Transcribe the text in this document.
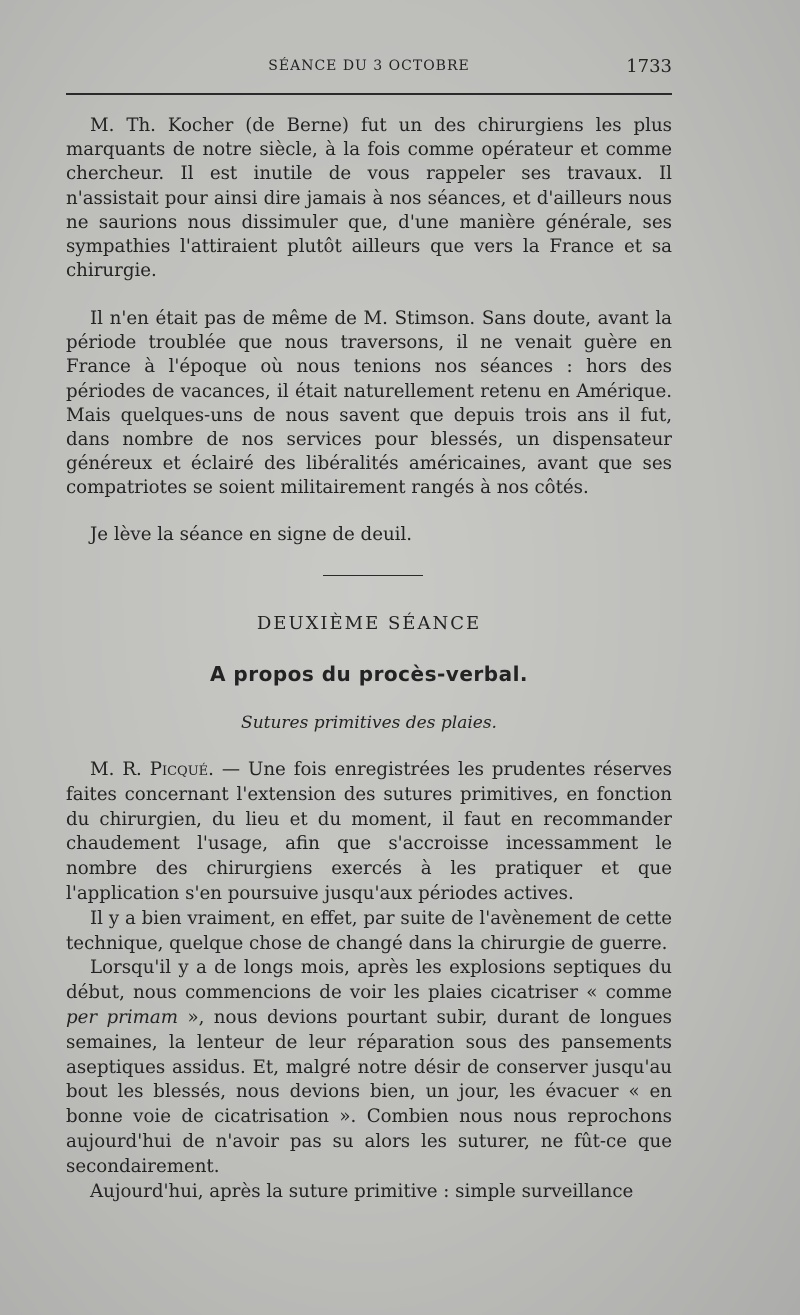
SÉANCE DU 3 OCTOBRE	1733

M. Th. Kocher (de Berne) fut un des chirurgiens les plus marquants de notre siècle, à la fois comme opérateur et comme chercheur. Il est inutile de vous rappeler ses travaux. Il n'assistait pour ainsi dire jamais à nos séances, et d'ailleurs nous ne saurions nous dissimuler que, d'une manière générale, ses sympathies l'attiraient plutôt ailleurs que vers la France et sa chirurgie.

Il n'en était pas de même de M. Stimson. Sans doute, avant la période troublée que nous traversons, il ne venait guère en France à l'époque où nous tenions nos séances : hors des périodes de vacances, il était naturellement retenu en Amérique. Mais quelques-uns de nous savent que depuis trois ans il fut, dans nombre de nos services pour blessés, un dispensateur généreux et éclairé des libéralités américaines, avant que ses compatriotes se soient militairement rangés à nos côtés.

Je lève la séance en signe de deuil.

DEUXIÈME SÉANCE
A propos du procès-verbal.
Sutures primitives des plaies.

M. R. Picqué. — Une fois enregistrées les prudentes réserves faites concernant l'extension des sutures primitives, en fonction du chirurgien, du lieu et du moment, il faut en recommander chaudement l'usage, afin que s'accroisse incessamment le nombre des chirurgiens exercés à les pratiquer et que l'application s'en poursuive jusqu'aux périodes actives.

Il y a bien vraiment, en effet, par suite de l'avènement de cette technique, quelque chose de changé dans la chirurgie de guerre.

Lorsqu'il y a de longs mois, après les explosions septiques du début, nous commencions de voir les plaies cicatriser « comme per primam », nous devions pourtant subir, durant de longues semaines, la lenteur de leur réparation sous des pansements aseptiques assidus. Et, malgré notre désir de conserver jusqu'au bout les blessés, nous devions bien, un jour, les évacuer « en bonne voie de cicatrisation ». Combien nous nous reprochons aujourd'hui de n'avoir pas su alors les suturer, ne fût-ce que secondairement.

Aujourd'hui, après la suture primitive : simple surveillance
